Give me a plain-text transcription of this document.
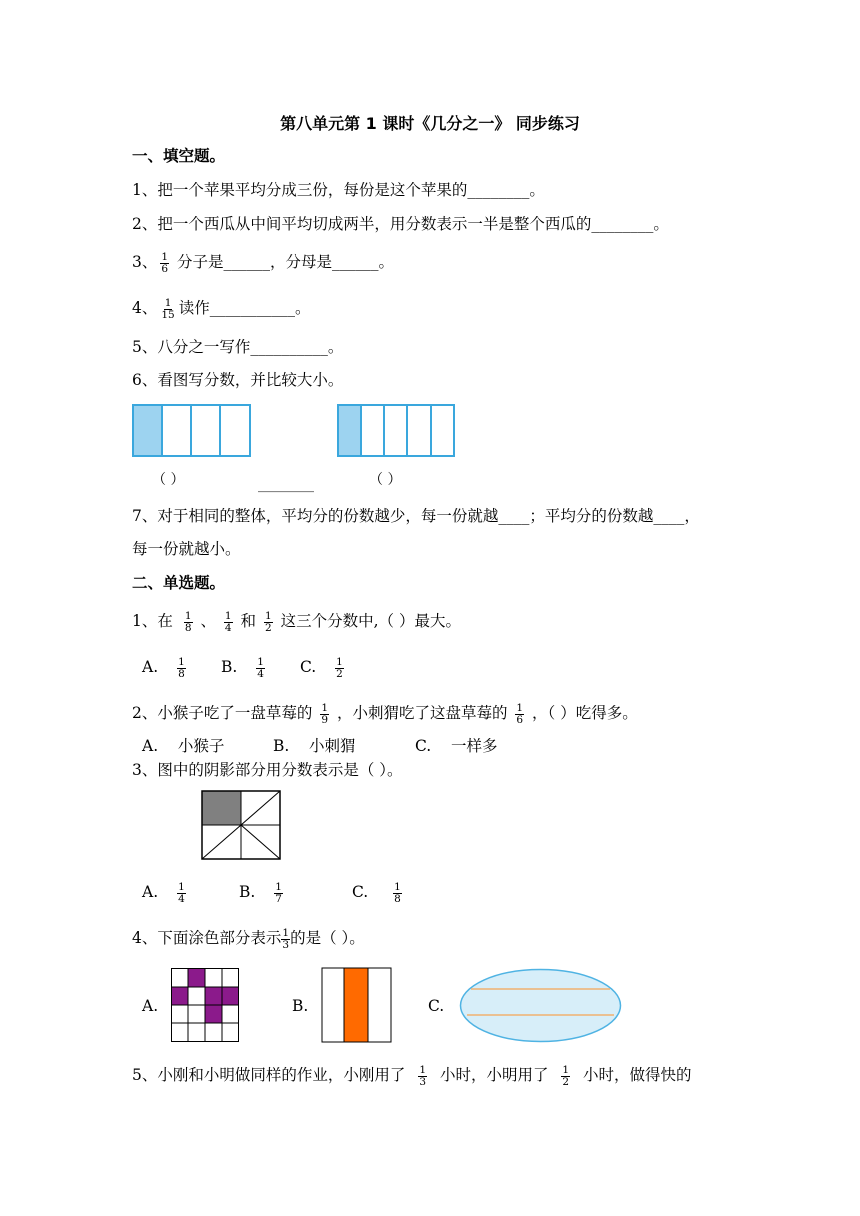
第八单元第 1 课时《几分之一》 同步练习
一、填空题。
1、把一个苹果平均分成三份，每份是这个苹果的________。
2、把一个西瓜从中间平均切成两半，用分数表示一半是整个西瓜的________。
3、 $\frac{1}{6}$ 分子是______，分母是______。
4、 $\frac{1}{15}$ 读作___________。
5、八分之一写作__________。
6、看图写分数，并比较大小。
（ ）	________	（ ）
7、对于相同的整体，平均分的份数越少，每一份就越____；平均分的份数越____，
每一份就越小。
二、单选题。
1、在 $\frac{1}{8}$ 、 $\frac{1}{4}$ 和 $\frac{1}{2}$ 这三个分数中,（ ）最大。
A. $\frac{1}{8} B$. $\frac{1}{4} C$. $\frac{1}{2}$
2、小猴子吃了一盘草莓的 $\frac{1}{9}$ ，小刺猬吃了这盘草莓的 $\frac{1}{6}$ ，（ ）吃得多。
A.    小猴子	B.    小刺猬	C.    一样多
3、图中的阴影部分用分数表示是（ ）。
A. $\frac{1}{4}$	B. $\frac{1}{7}$	C. $\frac{1}{8}$
4、下面涂色部分表示 $\frac{1}{3}$ 的是（ ）。
A.	B.	C.
5、小刚和小明做同样的作业，小刚用了 $\frac{1}{3}$ 小时，小明用了 $\frac{1}{2}$ 小时，做得快的
